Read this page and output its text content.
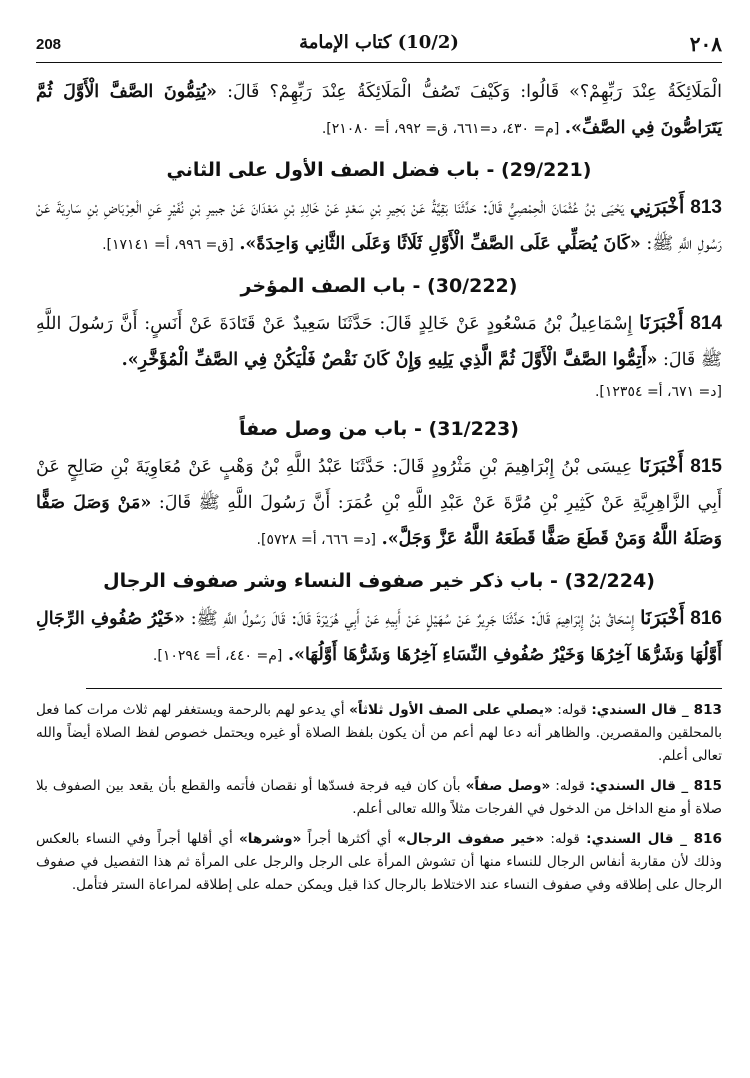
208	(10/2) كتاب الإمامة	٢٠٨

الْمَلَائِكَةُ عِنْدَ رَبِّهِمْ؟» قَالُوا: وَكَيْفَ تَصُفُّ الْمَلَائِكَةُ عِنْدَ رَبِّهِمْ؟ قَالَ: «يُتِمُّونَ الصَّفَّ الْأَوَّلَ ثُمَّ يَتَرَاصُّونَ فِي الصَّفِّ». [م= ٤٣٠، د=٦٦١، ق= ٩٩٢، أ= ٢١٠٨٠].

(29/221) - باب فضل الصف الأول على الثاني

813 أَخْبَرَنِي يَحْيَى بْنُ عُثْمَانَ الْحِمْصِيُّ قَالَ: حَدَّثَنَا بَقِيَّةُ عَنْ بَحِيرِ بْنِ سَعْدٍ عَنْ خَالِدِ بْنِ مَعْدَانَ عَنْ جبيرِ بْنِ نُفَيْرٍ عَنِ الْعِرْبَاضِ بْنِ سَارِيَةَ عَنْ رَسُولِ اللَّهِ ﷺ: «كَانَ يُصَلِّي عَلَى الصَّفِّ الْأَوَّلِ ثَلَاثًا وَعَلَى الثَّانِي وَاحِدَةً». [ق= ٩٩٦، أ= ١٧١٤١].

(30/222) - باب الصف المؤخر

814 أَخْبَرَنَا إِسْمَاعِيلُ بْنُ مَسْعُودٍ عَنْ خَالِدٍ قَالَ: حَدَّثَنَا سَعِيدٌ عَنْ قَتَادَةَ عَنْ أَنَسٍ: أَنَّ رَسُولَ اللَّهِ ﷺ قَالَ: «أَتِمُّوا الصَّفَّ الْأَوَّلَ ثُمَّ الَّذِي يَلِيهِ وَإِنْ كَانَ نَقْصٌ فَلْيَكُنْ فِي الصَّفِّ الْمُؤَخَّرِ».

[د= ٦٧١، أ= ١٢٣٥٤].

(31/223) - باب من وصل صفاً

815 أَخْبَرَنَا عِيسَى بْنُ إِبْرَاهِيمَ بْنِ مَثْرُودٍ قَالَ: حَدَّثَنَا عَبْدُ اللَّهِ بْنُ وَهْبٍ عَنْ مُعَاوِيَةَ بْنِ صَالِحٍ عَنْ أَبِي الزَّاهِرِيَّةِ عَنْ كَثِيرِ بْنِ مُرَّةَ عَنْ عَبْدِ اللَّهِ بْنِ عُمَرَ: أَنَّ رَسُولَ اللَّهِ ﷺ قَالَ: «مَنْ وَصَلَ صَفًّا وَصَلَهُ اللَّهُ وَمَنْ قَطَعَ صَفًّا قَطَعَهُ اللَّهُ عَزَّ وَجَلَّ». [د= ٦٦٦، أ= ٥٧٢٨].

(32/224) - باب ذكر خير صفوف النساء وشر صفوف الرجال

816 أَخْبَرَنَا إِسْحَاقُ بْنُ إِبْرَاهِيمَ قَالَ: حَدَّثَنَا جَرِيرٌ عَنْ سُهَيْلٍ عَنْ أَبِيهِ عَنْ أَبِي هُرَيْرَةَ قَالَ: قَالَ رَسُولُ اللَّهِ ﷺ: «خَيْرُ صُفُوفِ الرِّجَالِ أَوَّلُهَا وَشَرُّهَا آخِرُهَا وَخَيْرُ صُفُوفِ النِّسَاءِ آخِرُهَا وَشَرُّهَا أَوَّلُهَا». [م= ٤٤٠، أ= ١٠٢٩٤].

813 _ قال السندي: قوله: «يصلي على الصف الأول ثلاثاً» أي يدعو لهم بالرحمة ويستغفر لهم ثلاث مرات كما فعل بالمحلقين والمقصرين. والظاهر أنه دعا لهم أعم من أن يكون بلفظ الصلاة أو غيره ويحتمل خصوص لفظ الصلاة أيضاً والله تعالى أعلم.

815 _ قال السندي: قوله: «وصل صفاً» بأن كان فيه فرجة فسدّها أو نقصان فأتمه والقطع بأن يقعد بين الصفوف بلا صلاة أو منع الداخل من الدخول في الفرجات مثلاً والله تعالى أعلم.

816 _ قال السندي: قوله: «خير صفوف الرجال» أي أكثرها أجراً «وشرها» أي أقلها أجراً وفي النساء بالعكس وذلك لأن مقاربة أنفاس الرجال للنساء منها أن تشوش المرأة على الرجل والرجل على المرأة ثم هذا التفصيل في صفوف الرجال على إطلاقه وفي صفوف النساء عند الاختلاط بالرجال كذا قيل ويمكن حمله على إطلاقه لمراعاة الستر فتأمل.
